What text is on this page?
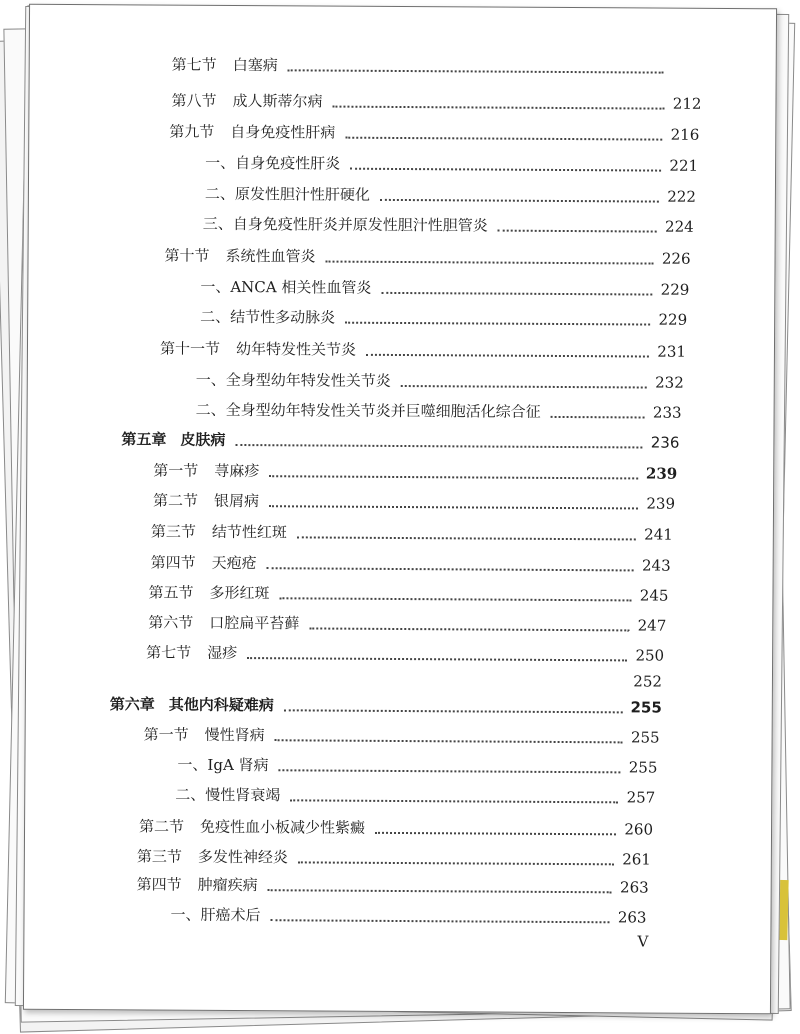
第七节 白塞病
第八节 成人斯蒂尔病	212
第九节 自身免疫性肝病	216
一、 自身免疫性肝炎	221
二、 原发性胆汁性肝硬化	222
三、 自身免疫性肝炎并原发性胆汁性胆管炎	224
第十节 系统性血管炎	226
一、 ANCA 相关性血管炎	229
二、 结节性多动脉炎	229
第十一节 幼年特发性关节炎	231
一、 全身型幼年特发性关节炎	232
二、 全身型幼年特发性关节炎并巨噬细胞活化综合征	233
第五章 皮肤病	236
第一节 荨麻疹	239
第二节 银屑病	239
第三节 结节性红斑	241
第四节 天疱疮	243
第五节 多形红斑	245
第六节 口腔扁平苔藓	247
第七节 湿疹	250
252
第六章 其他内科疑难病	255
第一节 慢性肾病	255
一、 IgA 肾病	255
二、 慢性肾衰竭	257
第二节 免疫性血小板减少性紫癜	260
第三节 多发性神经炎	261
第四节 肿瘤疾病	263
一、 肝癌术后	263
V
